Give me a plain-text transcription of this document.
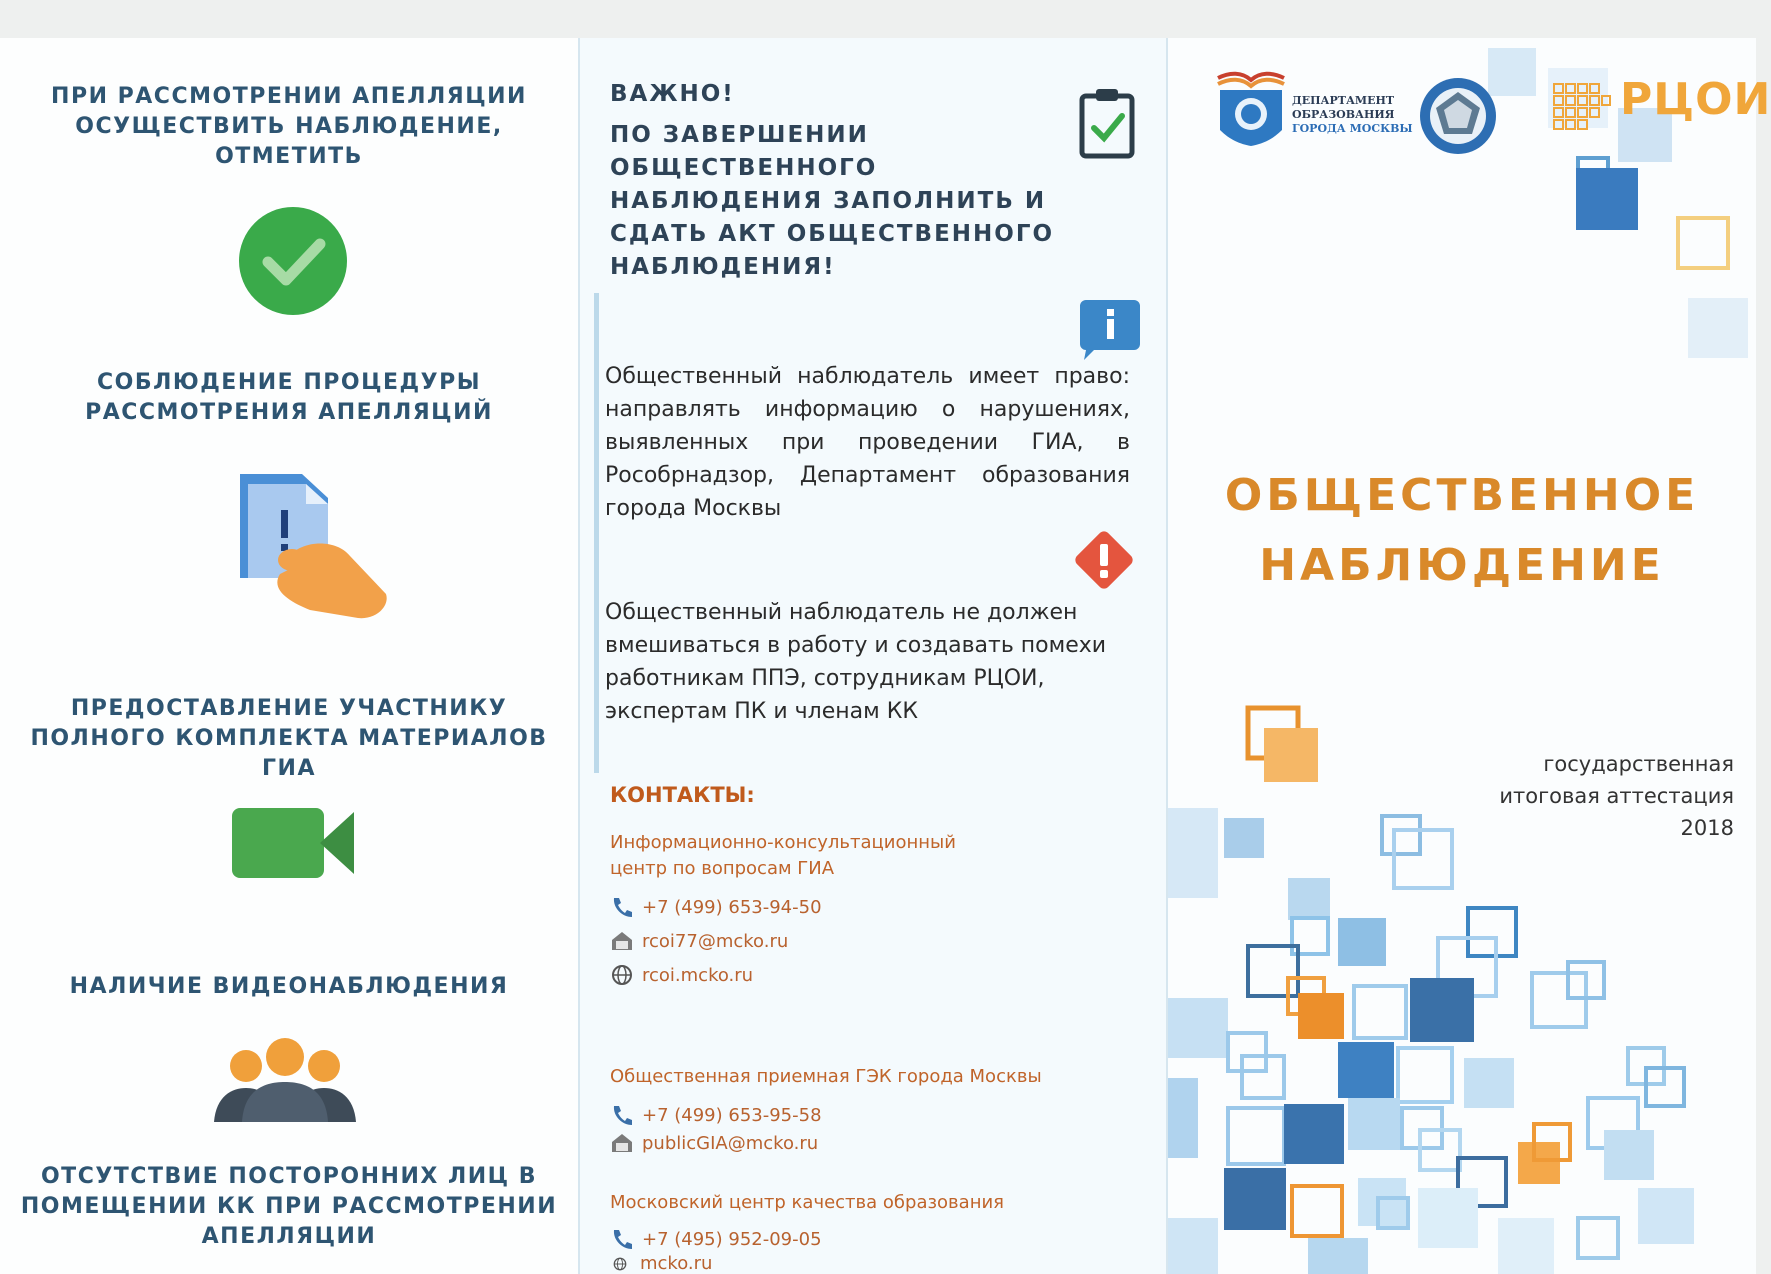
ПРИ РАССМОТРЕНИИ АПЕЛЛЯЦИИ ОСУЩЕСТВИТЬ НАБЛЮДЕНИЕ, ОТМЕТИТЬ
СОБЛЮДЕНИЕ ПРОЦЕДУРЫ РАССМОТРЕНИЯ АПЕЛЛЯЦИЙ
ПРЕДОСТАВЛЕНИЕ УЧАСТНИКУ ПОЛНОГО КОМПЛЕКТА МАТЕРИАЛОВ ГИА
НАЛИЧИЕ ВИДЕОНАБЛЮДЕНИЯ
ОТСУТСТВИЕ ПОСТОРОННИХ ЛИЦ В ПОМЕЩЕНИИ КК ПРИ РАССМОТРЕНИИ АПЕЛЛЯЦИИ
ВАЖНО!
ПО ЗАВЕРШЕНИИ ОБЩЕСТВЕННОГО НАБЛЮДЕНИЯ ЗАПОЛНИТЬ И СДАТЬ АКТ ОБЩЕСТВЕННОГО НАБЛЮДЕНИЯ!
Общественный наблюдатель имеет право: направлять информацию о нарушениях, выявленных при проведении ГИА, в Рособрнадзор, Департамент образования города Москвы
Общественный наблюдатель не должен вмешиваться в работу и создавать помехи работникам ППЭ, сотрудникам РЦОИ, экспертам ПК и членам КК
КОНТАКТЫ:
Информационно-консультационный центр по вопросам ГИА
+7 (499) 653-94-50
rcoi77@mcko.ru
rcoi.mcko.ru
Общественная приемная ГЭК города Москвы
+7 (499) 653-95-58
publicGIA@mcko.ru
Московский центр качества образования
+7 (495) 952-09-05
ДЕПАРТАМЕНТ
ОБРАЗОВАНИЯ
ГОРОДА МОСКВЫ
РЦОИ
ОБЩЕСТВЕННОЕ
НАБЛЮДЕНИЕ
государственная
итоговая аттестация
2018
mcko.ru
